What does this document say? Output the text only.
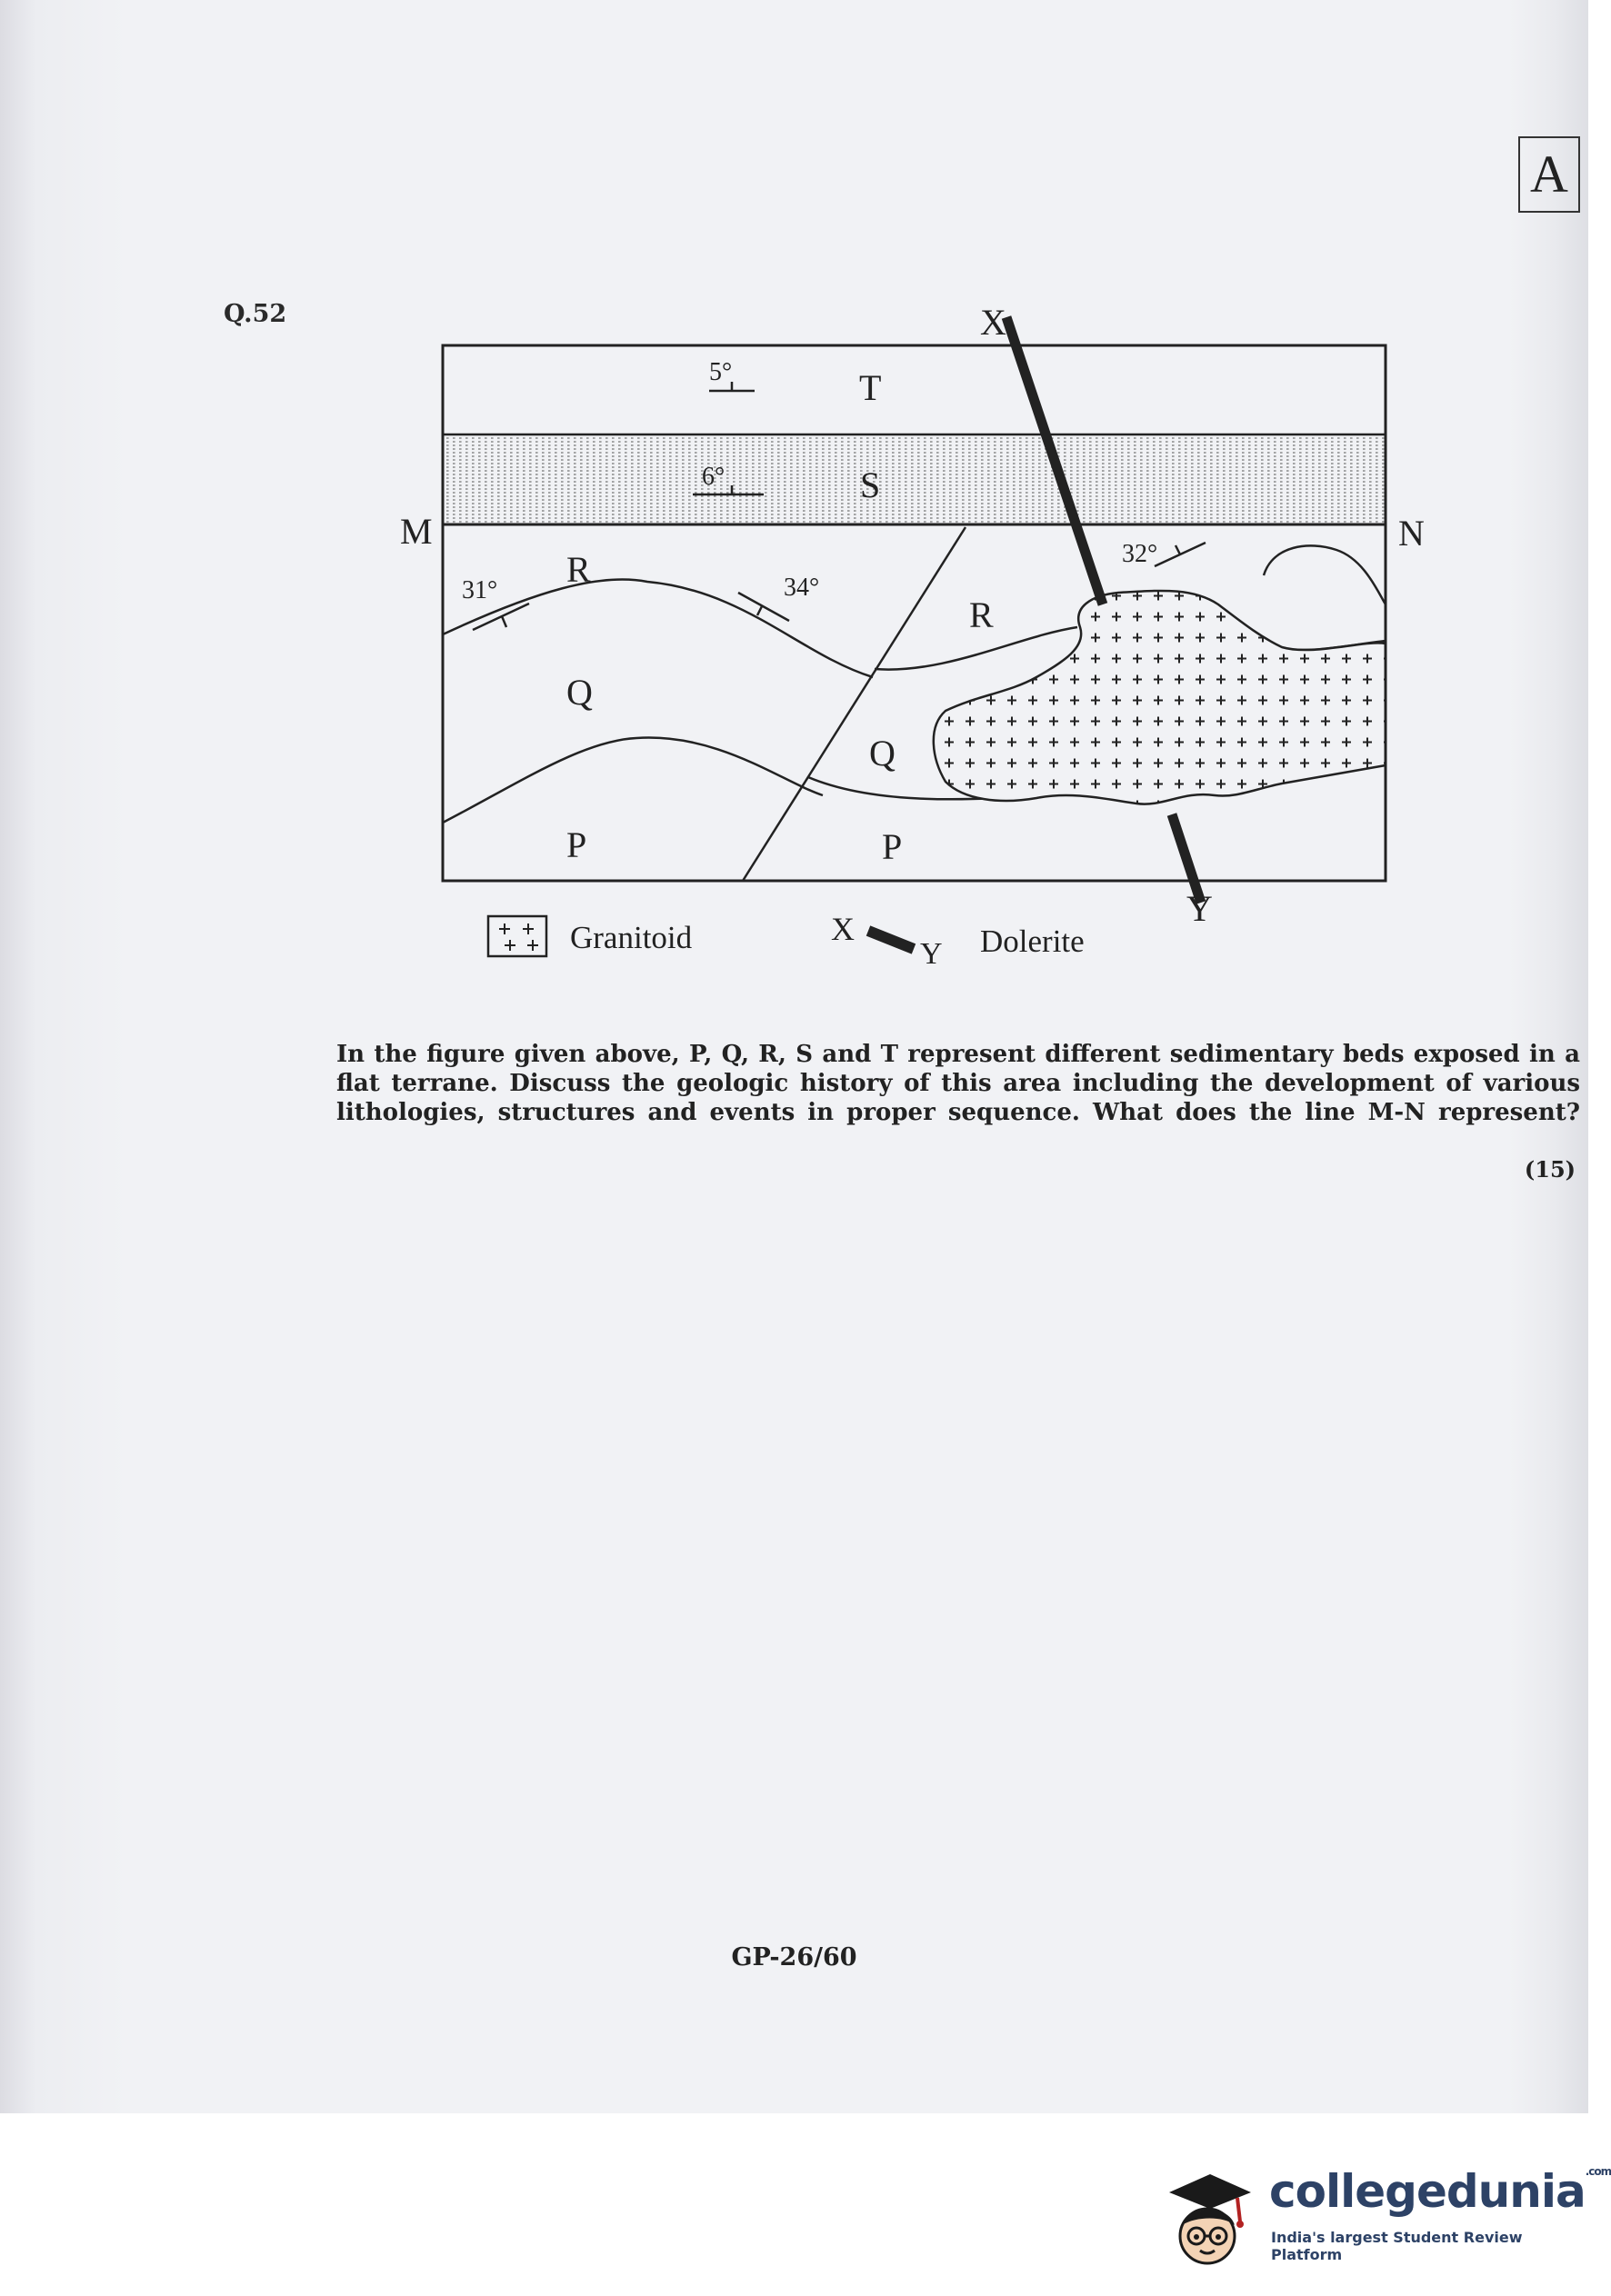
Q.52
A
X
Y
M	N
T
S
R
Q
P
R
Q
P
5°
6°
31°	34°
32°
Granitoid	X
Y Dolerite
In the figure given above, P, Q, R, S and T represent different sedimentary beds exposed in a flat terrane. Discuss the geologic history of this area including the development of various lithologies, structures and events in proper sequence. What does the line M-N represent?
(15)
GP-26/60
collegedunia$^{.com}$
India's largest Student Review Platform
